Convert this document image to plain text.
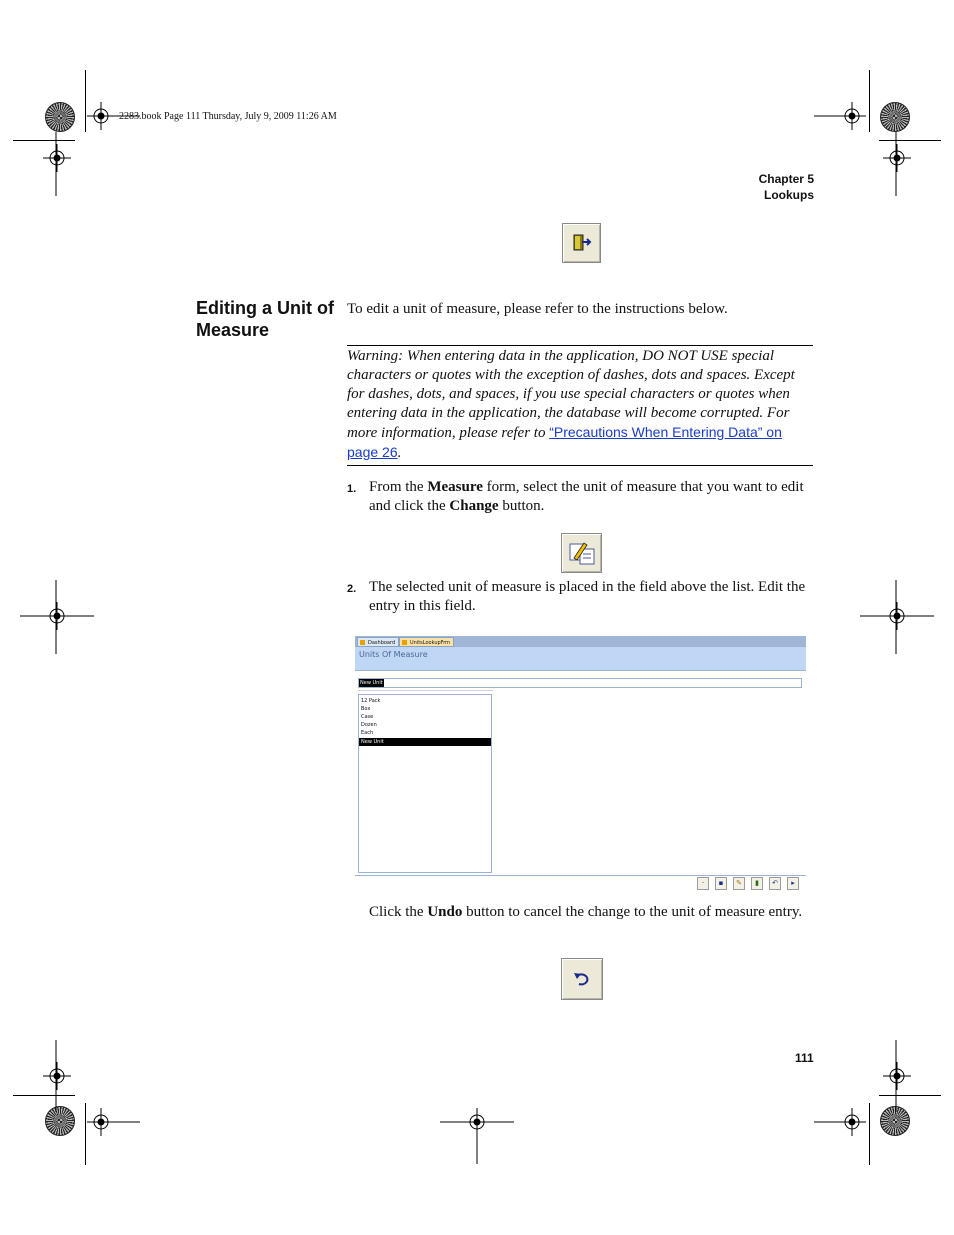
2283.book Page 111 Thursday, July 9, 2009 11:26 AM
Chapter 5
Lookups
Editing a Unit of Measure
To edit a unit of measure, please refer to the instructions below.
Warning: When entering data in the application, DO NOT USE special characters or quotes with the exception of dashes, dots and spaces. Except for dashes, dots, and spaces, if you use special characters or quotes when entering data in the application, the database will become corrupted. For more information, please refer to “Precautions When Entering Data” on page 26.
1. From the Measure form, select the unit of measure that you want to edit and click the Change button.
2. The selected unit of measure is placed in the field above the list. Edit the entry in this field.
Dashboard	UnitsLookupFrm
Units Of Measure
New Unit
12 Pack
Box
Case
Dozen
Each
New Unit
·	▪	✎	▮	↶	▸
Click the Undo button to cancel the change to the unit of measure entry.
111
